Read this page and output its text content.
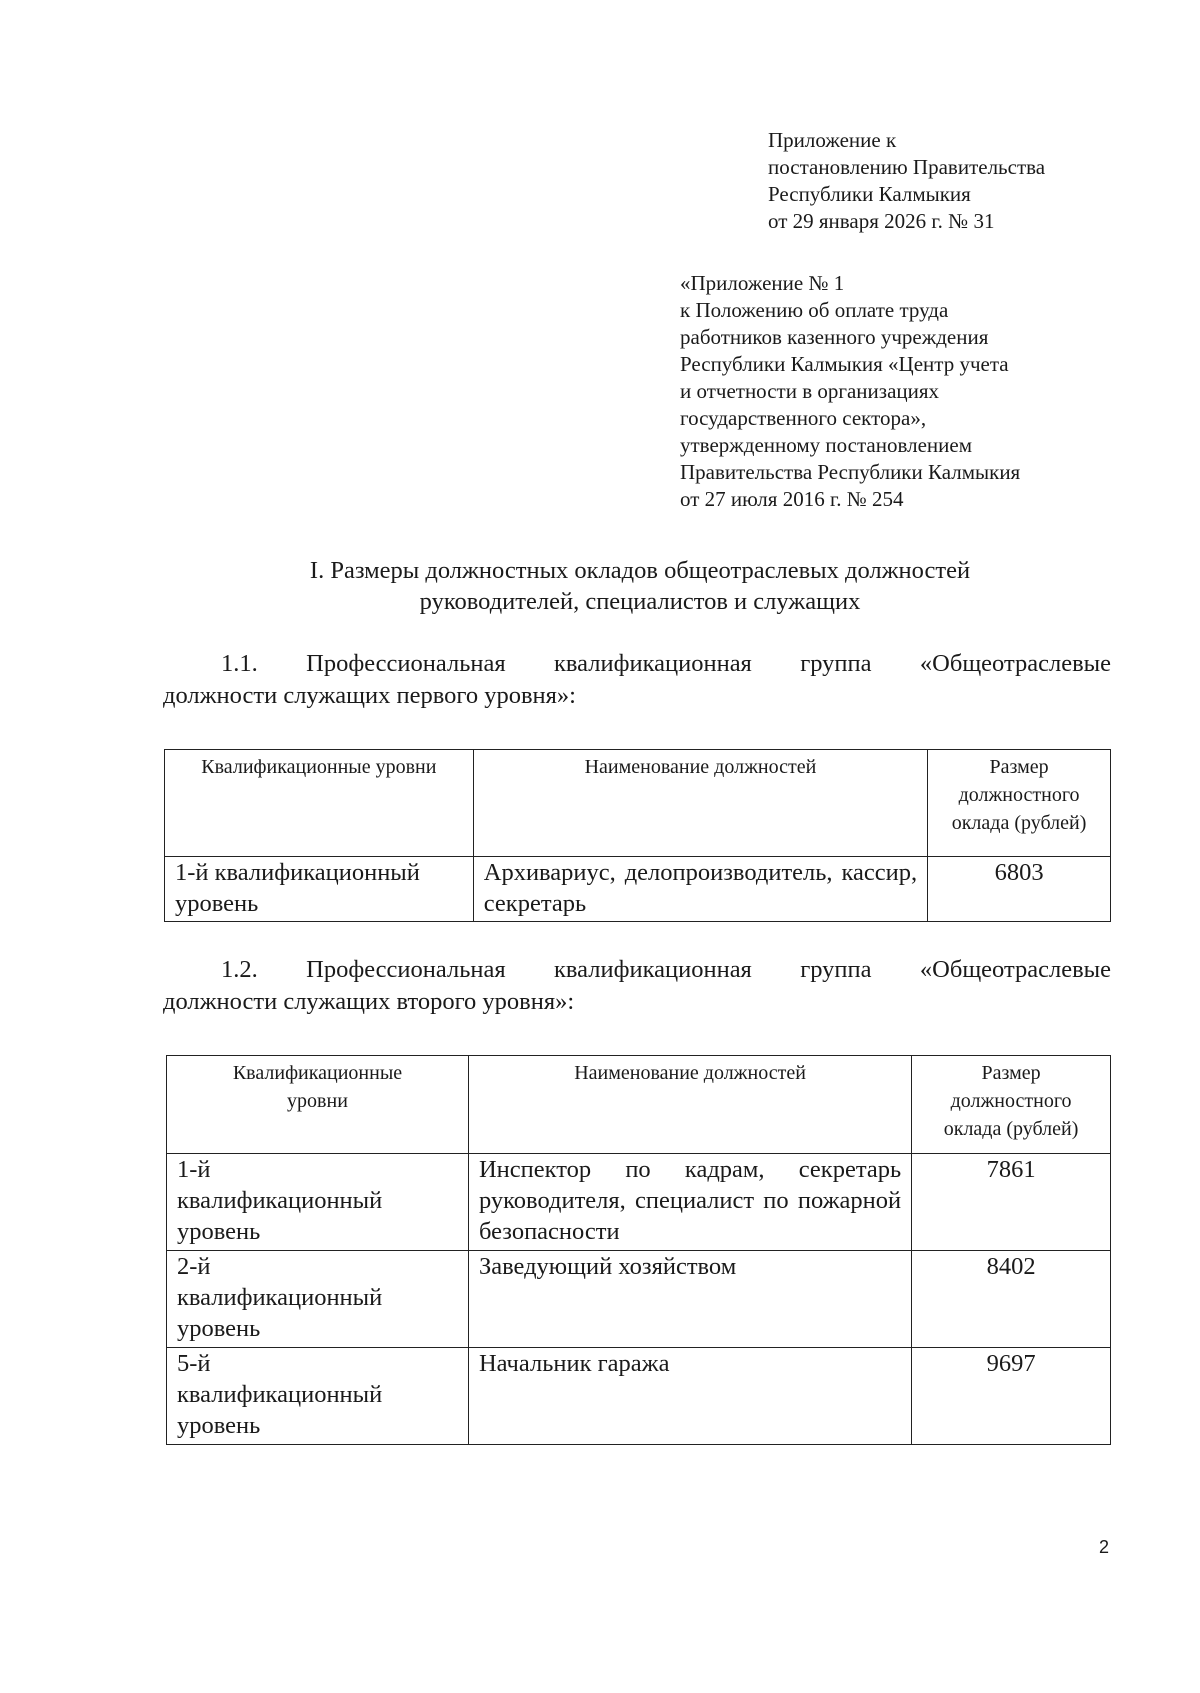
Приложение к
постановлению Правительства
Республики Калмыкия
от 29 января 2026 г. № 31
«Приложение № 1
к Положению об оплате труда
работников казенного учреждения
Республики Калмыкия «Центр учета
и отчетности в организациях
государственного сектора»,
утвержденному постановлением
Правительства Республики Калмыкия
от 27 июля 2016 г. № 254
I. Размеры должностных окладов общеотраслевых должностей
руководителей, специалистов и служащих
1.1. Профессиональная квалификационная группа «Общеотраслевые
должности служащих первого уровня»:
Квалификационные уровни	Наименование должностей	Размер должностного оклада (рублей)
1-й квалификационный уровень	Архивариус, делопроизводитель, кассир, секретарь	6803
1.2. Профессиональная квалификационная группа «Общеотраслевые
должности служащих второго уровня»:
Квалификационные уровни	Наименование должностей	Размер должностного оклада (рублей)
1-й квалификационный уровень	Инспектор по кадрам, секретарь руководителя, специалист по пожарной безопасности	7861
2-й квалификационный уровень	Заведующий хозяйством	8402
5-й квалификационный уровень	Начальник гаража	9697
2
